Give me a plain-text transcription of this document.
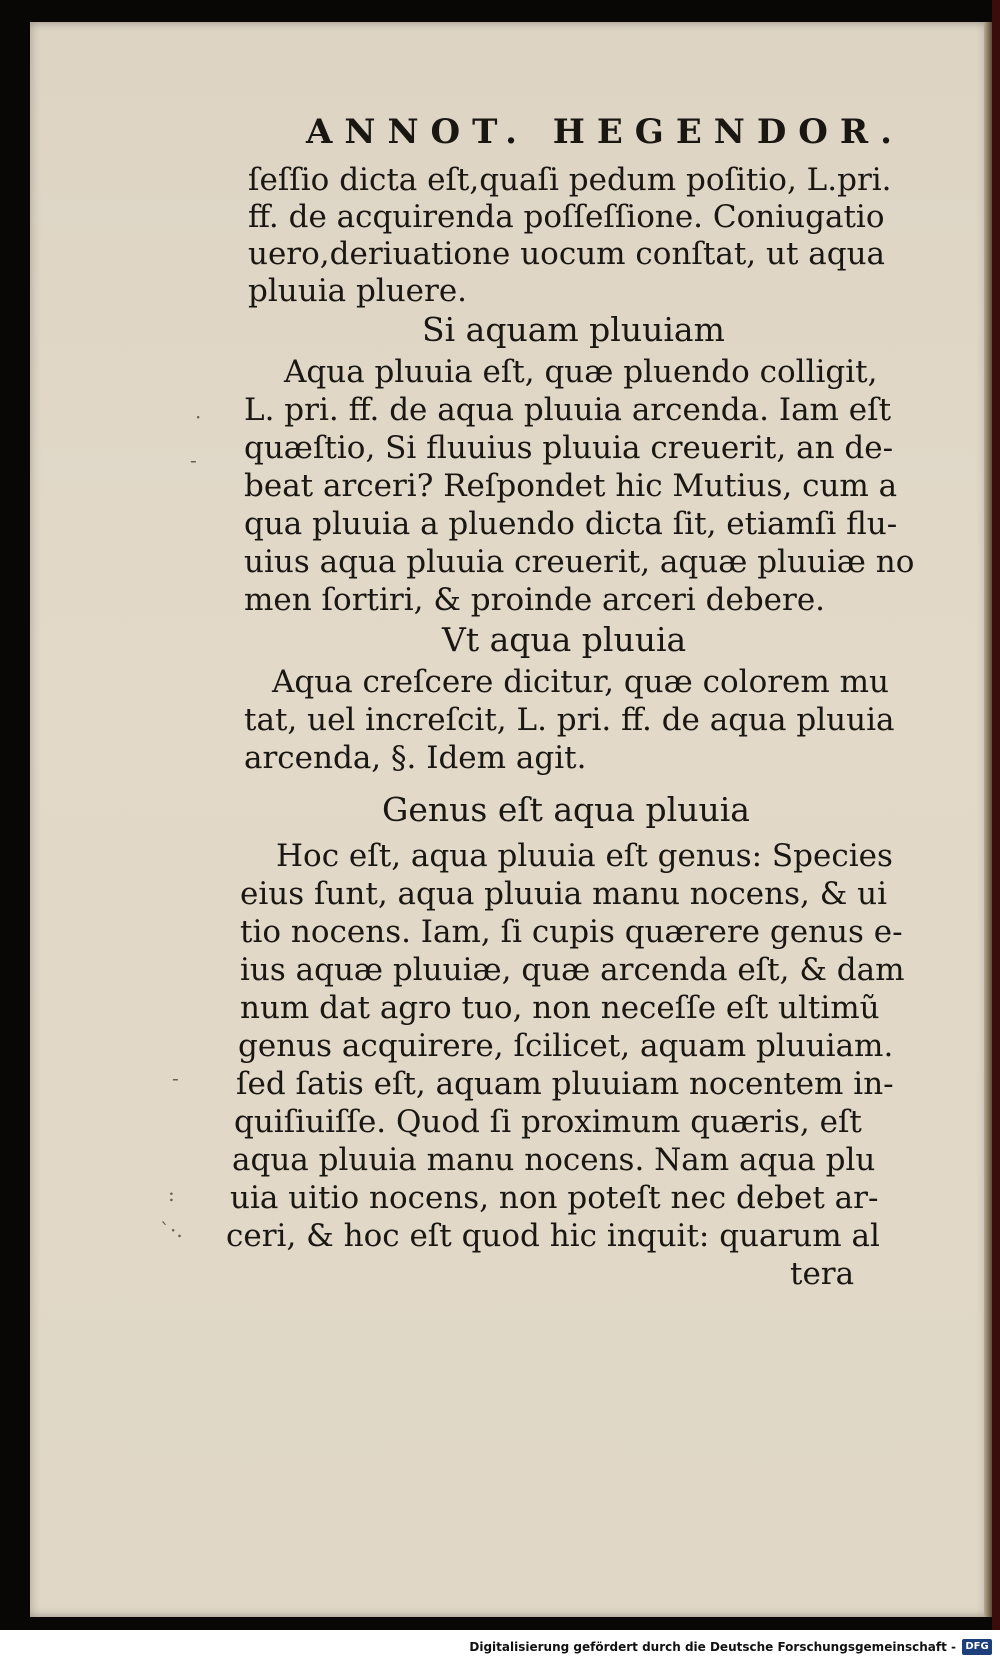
·
-
-
:
`·.
ANNOT. HEGENDOR.
ſeſſio dicta eſt,quaſi pedum poſitio, L.pri.
ff. de acquirenda poſſeſſione. Coniugatio
uero,deriuatione uocum conſtat, ut aqua
pluuia pluere.
Si aquam pluuiam
Aqua pluuia eſt, quæ pluendo colligit,
L. pri. ff. de aqua pluuia arcenda. Iam eſt
quæſtio, Si fluuius pluuia creuerit, an de-
beat arceri? Reſpondet hic Mutius, cum a
qua pluuia a pluendo dicta ſit, etiamſi flu-
uius aqua pluuia creuerit, aquæ pluuiæ no
men ſortiri, & proinde arceri debere.
Vt aqua pluuia
Aqua creſcere dicitur, quæ colorem mu
tat, uel increſcit, L. pri. ff. de aqua pluuia
arcenda, §. Idem agit.
Genus eſt aqua pluuia
Hoc eſt, aqua pluuia eſt genus: Species
eius ſunt, aqua pluuia manu nocens, & ui
tio nocens. Iam, ſi cupis quærere genus e-
ius aquæ pluuiæ, quæ arcenda eſt, & dam
num dat agro tuo, non neceſſe eſt ultimũ
genus acquirere, ſcilicet, aquam pluuiam.
ſed ſatis eſt, aquam pluuiam nocentem in-
quiſiuiſſe. Quod ſi proximum quæris, eſt
aqua pluuia manu nocens. Nam aqua plu
uia uitio nocens, non poteſt nec debet ar-
ceri, & hoc eſt quod hic inquit: quarum al
tera
Digitalisierung gefördert durch die Deutsche Forschungsgemeinschaft - DFG
